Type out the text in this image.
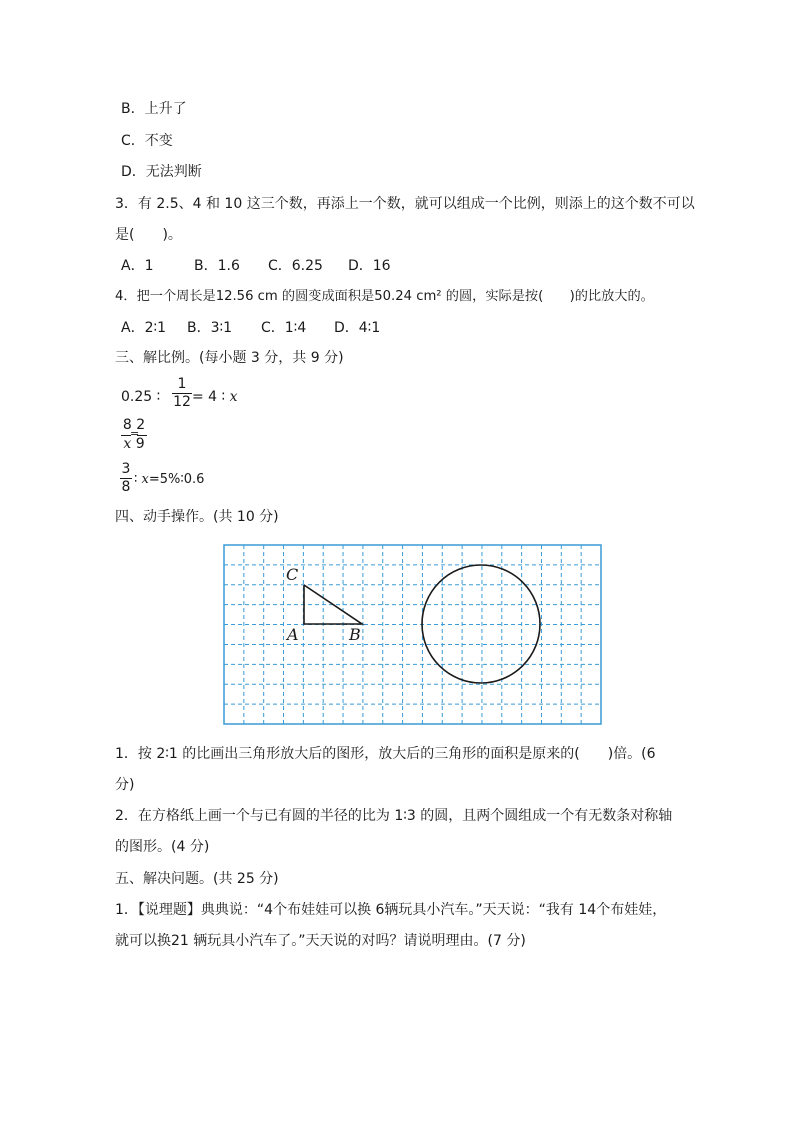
B．上升了
C．不变
D．无法判断
3．有 2.5、4 和 10 这三个数，再添上一个数，就可以组成一个比例，则添上的这个数不可以
是(　　)。
A．1	B．1.6 C．6.25 D．16
4．把一个周长是12.56 cm 的圆变成面积是50.24 cm² 的圆，实际是按(　　)的比放大的。
A．2∶1 B．3∶1 C．1∶4 D．4∶1
三、解比例。(每小题 3 分，共 9 分)
0.25 ∶
1
12 = 4 ∶ x
8 2
=
x 9
3
8 ∶ x=5%∶0.6
四、动手操作。(共 10 分)
C
A	B
1．按 2∶1 的比画出三角形放大后的图形，放大后的三角形的面积是原来的(　　)倍。(6
分)
2．在方格纸上画一个与已有圆的半径的比为 1∶3 的圆，且两个圆组成一个有无数条对称轴
的图形。(4 分)
五、解决问题。(共 25 分)
1．【说理题】典典说：“4个布娃娃可以换 6辆玩具小汽车。”天天说：“我有 14个布娃娃，
就可以换21 辆玩具小汽车了。”天天说的对吗？请说明理由。(7 分)
